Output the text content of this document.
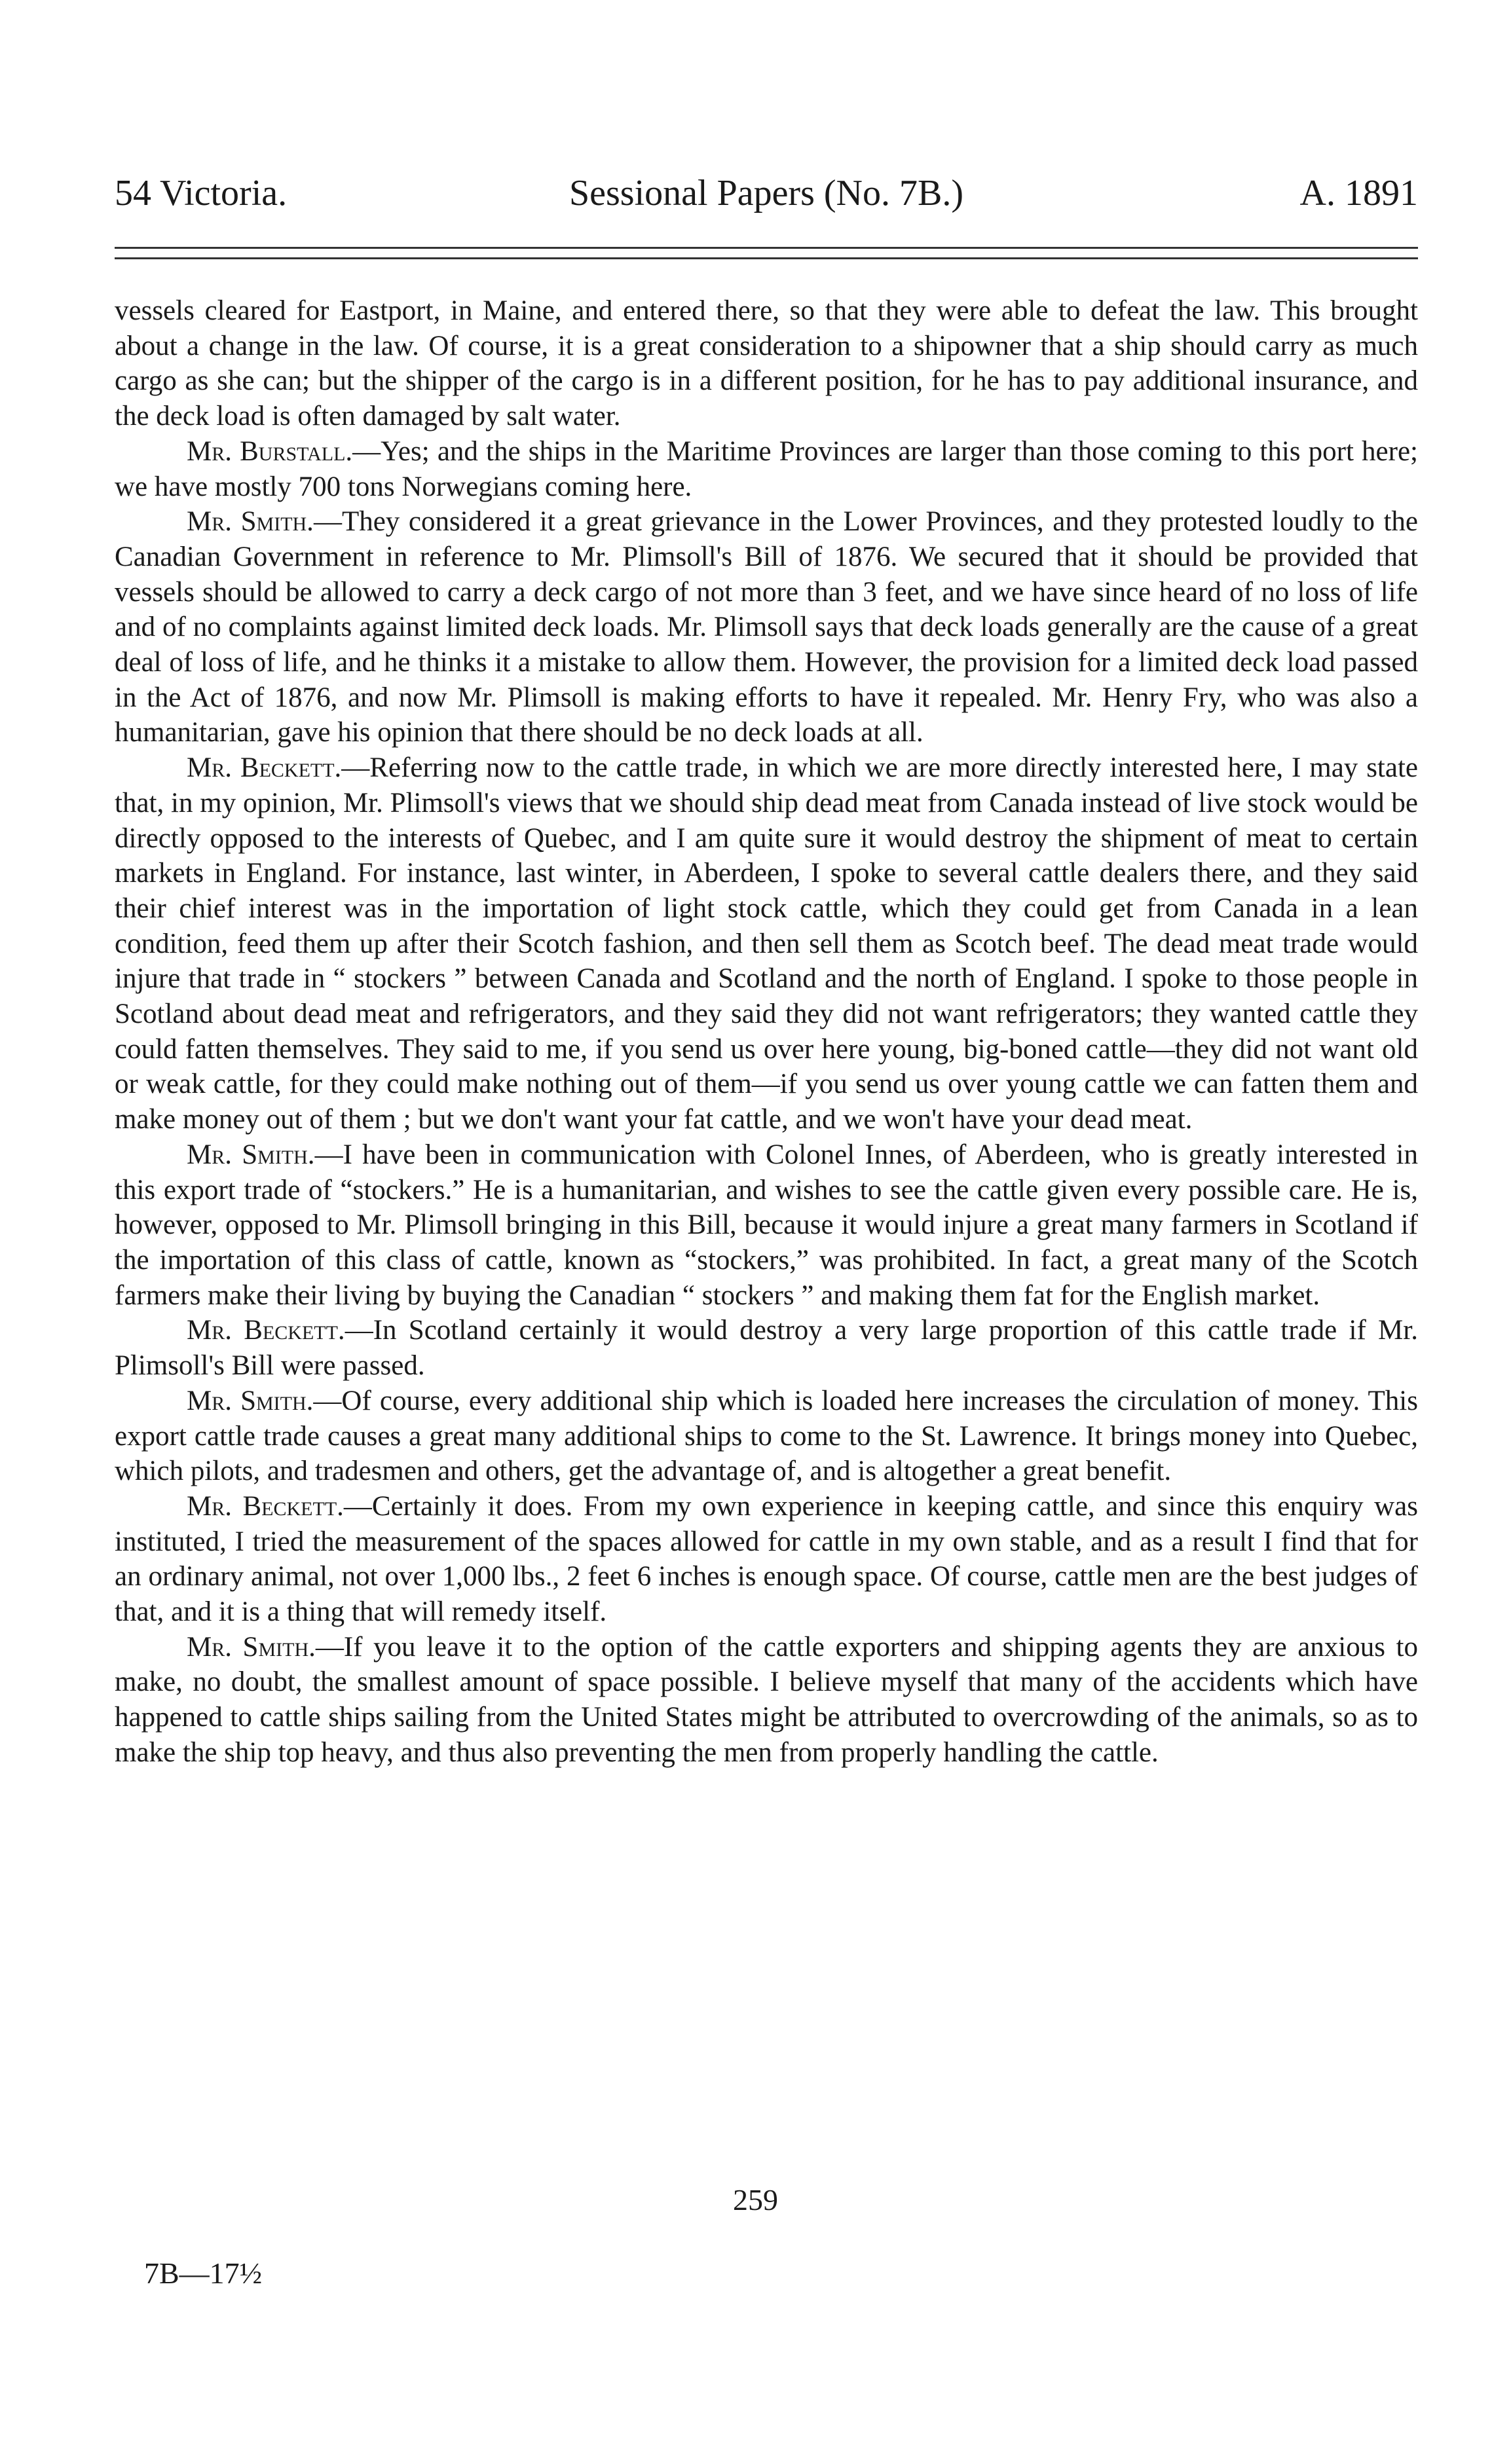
54 Victoria.	Sessional Papers (No. 7B.)	A. 1891

vessels cleared for Eastport, in Maine, and entered there, so that they were able to defeat the law. This brought about a change in the law. Of course, it is a great consideration to a shipowner that a ship should carry as much cargo as she can; but the shipper of the cargo is in a different position, for he has to pay additional insurance, and the deck load is often damaged by salt water.

Mr. Burstall.—Yes; and the ships in the Maritime Provinces are larger than those coming to this port here; we have mostly 700 tons Norwegians coming here.

Mr. Smith.—They considered it a great grievance in the Lower Provinces, and they protested loudly to the Canadian Government in reference to Mr. Plimsoll's Bill of 1876. We secured that it should be provided that vessels should be allowed to carry a deck cargo of not more than 3 feet, and we have since heard of no loss of life and of no complaints against limited deck loads. Mr. Plimsoll says that deck loads generally are the cause of a great deal of loss of life, and he thinks it a mistake to allow them. However, the provision for a limited deck load passed in the Act of 1876, and now Mr. Plimsoll is making efforts to have it repealed. Mr. Henry Fry, who was also a humanitarian, gave his opinion that there should be no deck loads at all.

Mr. Beckett.—Referring now to the cattle trade, in which we are more directly interested here, I may state that, in my opinion, Mr. Plimsoll's views that we should ship dead meat from Canada instead of live stock would be directly opposed to the interests of Quebec, and I am quite sure it would destroy the shipment of meat to certain markets in England. For instance, last winter, in Aberdeen, I spoke to several cattle dealers there, and they said their chief interest was in the importation of light stock cattle, which they could get from Canada in a lean condition, feed them up after their Scotch fashion, and then sell them as Scotch beef. The dead meat trade would injure that trade in “ stockers ” between Canada and Scotland and the north of England. I spoke to those people in Scotland about dead meat and refrigerators, and they said they did not want refrigerators; they wanted cattle they could fatten themselves. They said to me, if you send us over here young, big-boned cattle—they did not want old or weak cattle, for they could make nothing out of them—if you send us over young cattle we can fatten them and make money out of them ; but we don't want your fat cattle, and we won't have your dead meat.

Mr. Smith.—I have been in communication with Colonel Innes, of Aberdeen, who is greatly interested in this export trade of “stockers.” He is a humanitarian, and wishes to see the cattle given every possible care. He is, however, opposed to Mr. Plimsoll bringing in this Bill, because it would injure a great many farmers in Scotland if the importation of this class of cattle, known as “stockers,” was prohibited. In fact, a great many of the Scotch farmers make their living by buying the Canadian “ stockers ” and making them fat for the English market.

Mr. Beckett.—In Scotland certainly it would destroy a very large proportion of this cattle trade if Mr. Plimsoll's Bill were passed.

Mr. Smith.—Of course, every additional ship which is loaded here increases the circulation of money. This export cattle trade causes a great many additional ships to come to the St. Lawrence. It brings money into Quebec, which pilots, and tradesmen and others, get the advantage of, and is altogether a great benefit.

Mr. Beckett.—Certainly it does. From my own experience in keeping cattle, and since this enquiry was instituted, I tried the measurement of the spaces allowed for cattle in my own stable, and as a result I find that for an ordinary animal, not over 1,000 lbs., 2 feet 6 inches is enough space. Of course, cattle men are the best judges of that, and it is a thing that will remedy itself.

Mr. Smith.—If you leave it to the option of the cattle exporters and shipping agents they are anxious to make, no doubt, the smallest amount of space possible. I believe myself that many of the accidents which have happened to cattle ships sailing from the United States might be attributed to overcrowding of the animals, so as to make the ship top heavy, and thus also preventing the men from properly handling the cattle.

259
7B—17½
